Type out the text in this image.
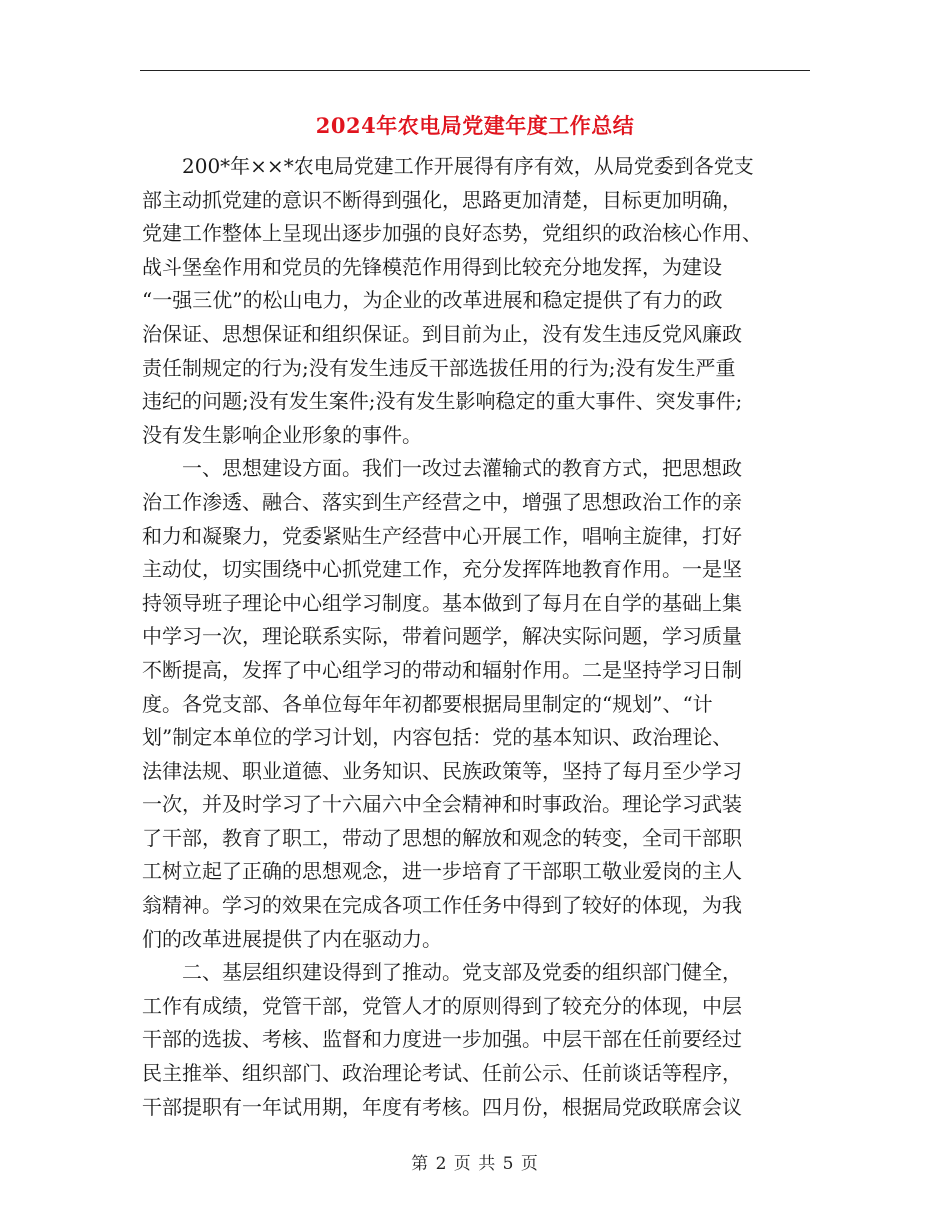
2024年农电局党建年度工作总结
200*年××*农电局党建工作开展得有序有效，从局党委到各党支
部主动抓党建的意识不断得到强化，思路更加清楚，目标更加明确，
党建工作整体上呈现出逐步加强的良好态势，党组织的政治核心作用、
战斗堡垒作用和党员的先锋模范作用得到比较充分地发挥，为建设
“一强三优”的松山电力，为企业的改革进展和稳定提供了有力的政
治保证、思想保证和组织保证。到目前为止，没有发生违反党风廉政
责任制规定的行为;没有发生违反干部选拔任用的行为;没有发生严重
违纪的问题;没有发生案件;没有发生影响稳定的重大事件、突发事件;
没有发生影响企业形象的事件。
一、思想建设方面。我们一改过去灌输式的教育方式，把思想政
治工作渗透、融合、落实到生产经营之中，增强了思想政治工作的亲
和力和凝聚力，党委紧贴生产经营中心开展工作，唱响主旋律，打好
主动仗，切实围绕中心抓党建工作，充分发挥阵地教育作用。一是坚
持领导班子理论中心组学习制度。基本做到了每月在自学的基础上集
中学习一次，理论联系实际，带着问题学，解决实际问题，学习质量
不断提高，发挥了中心组学习的带动和辐射作用。二是坚持学习日制
度。各党支部、各单位每年年初都要根据局里制定的“规划”、“计
划”制定本单位的学习计划，内容包括：党的基本知识、政治理论、
法律法规、职业道德、业务知识、民族政策等，坚持了每月至少学习
一次，并及时学习了十六届六中全会精神和时事政治。理论学习武装
了干部，教育了职工，带动了思想的解放和观念的转变，全司干部职
工树立起了正确的思想观念，进一步培育了干部职工敬业爱岗的主人
翁精神。学习的效果在完成各项工作任务中得到了较好的体现，为我
们的改革进展提供了内在驱动力。
二、基层组织建设得到了推动。党支部及党委的组织部门健全，
工作有成绩，党管干部，党管人才的原则得到了较充分的体现，中层
干部的选拔、考核、监督和力度进一步加强。中层干部在任前要经过
民主推举、组织部门、政治理论考试、任前公示、任前谈话等程序，
干部提职有一年试用期，年度有考核。四月份，根据局党政联席会议
第 2 页 共 5 页
